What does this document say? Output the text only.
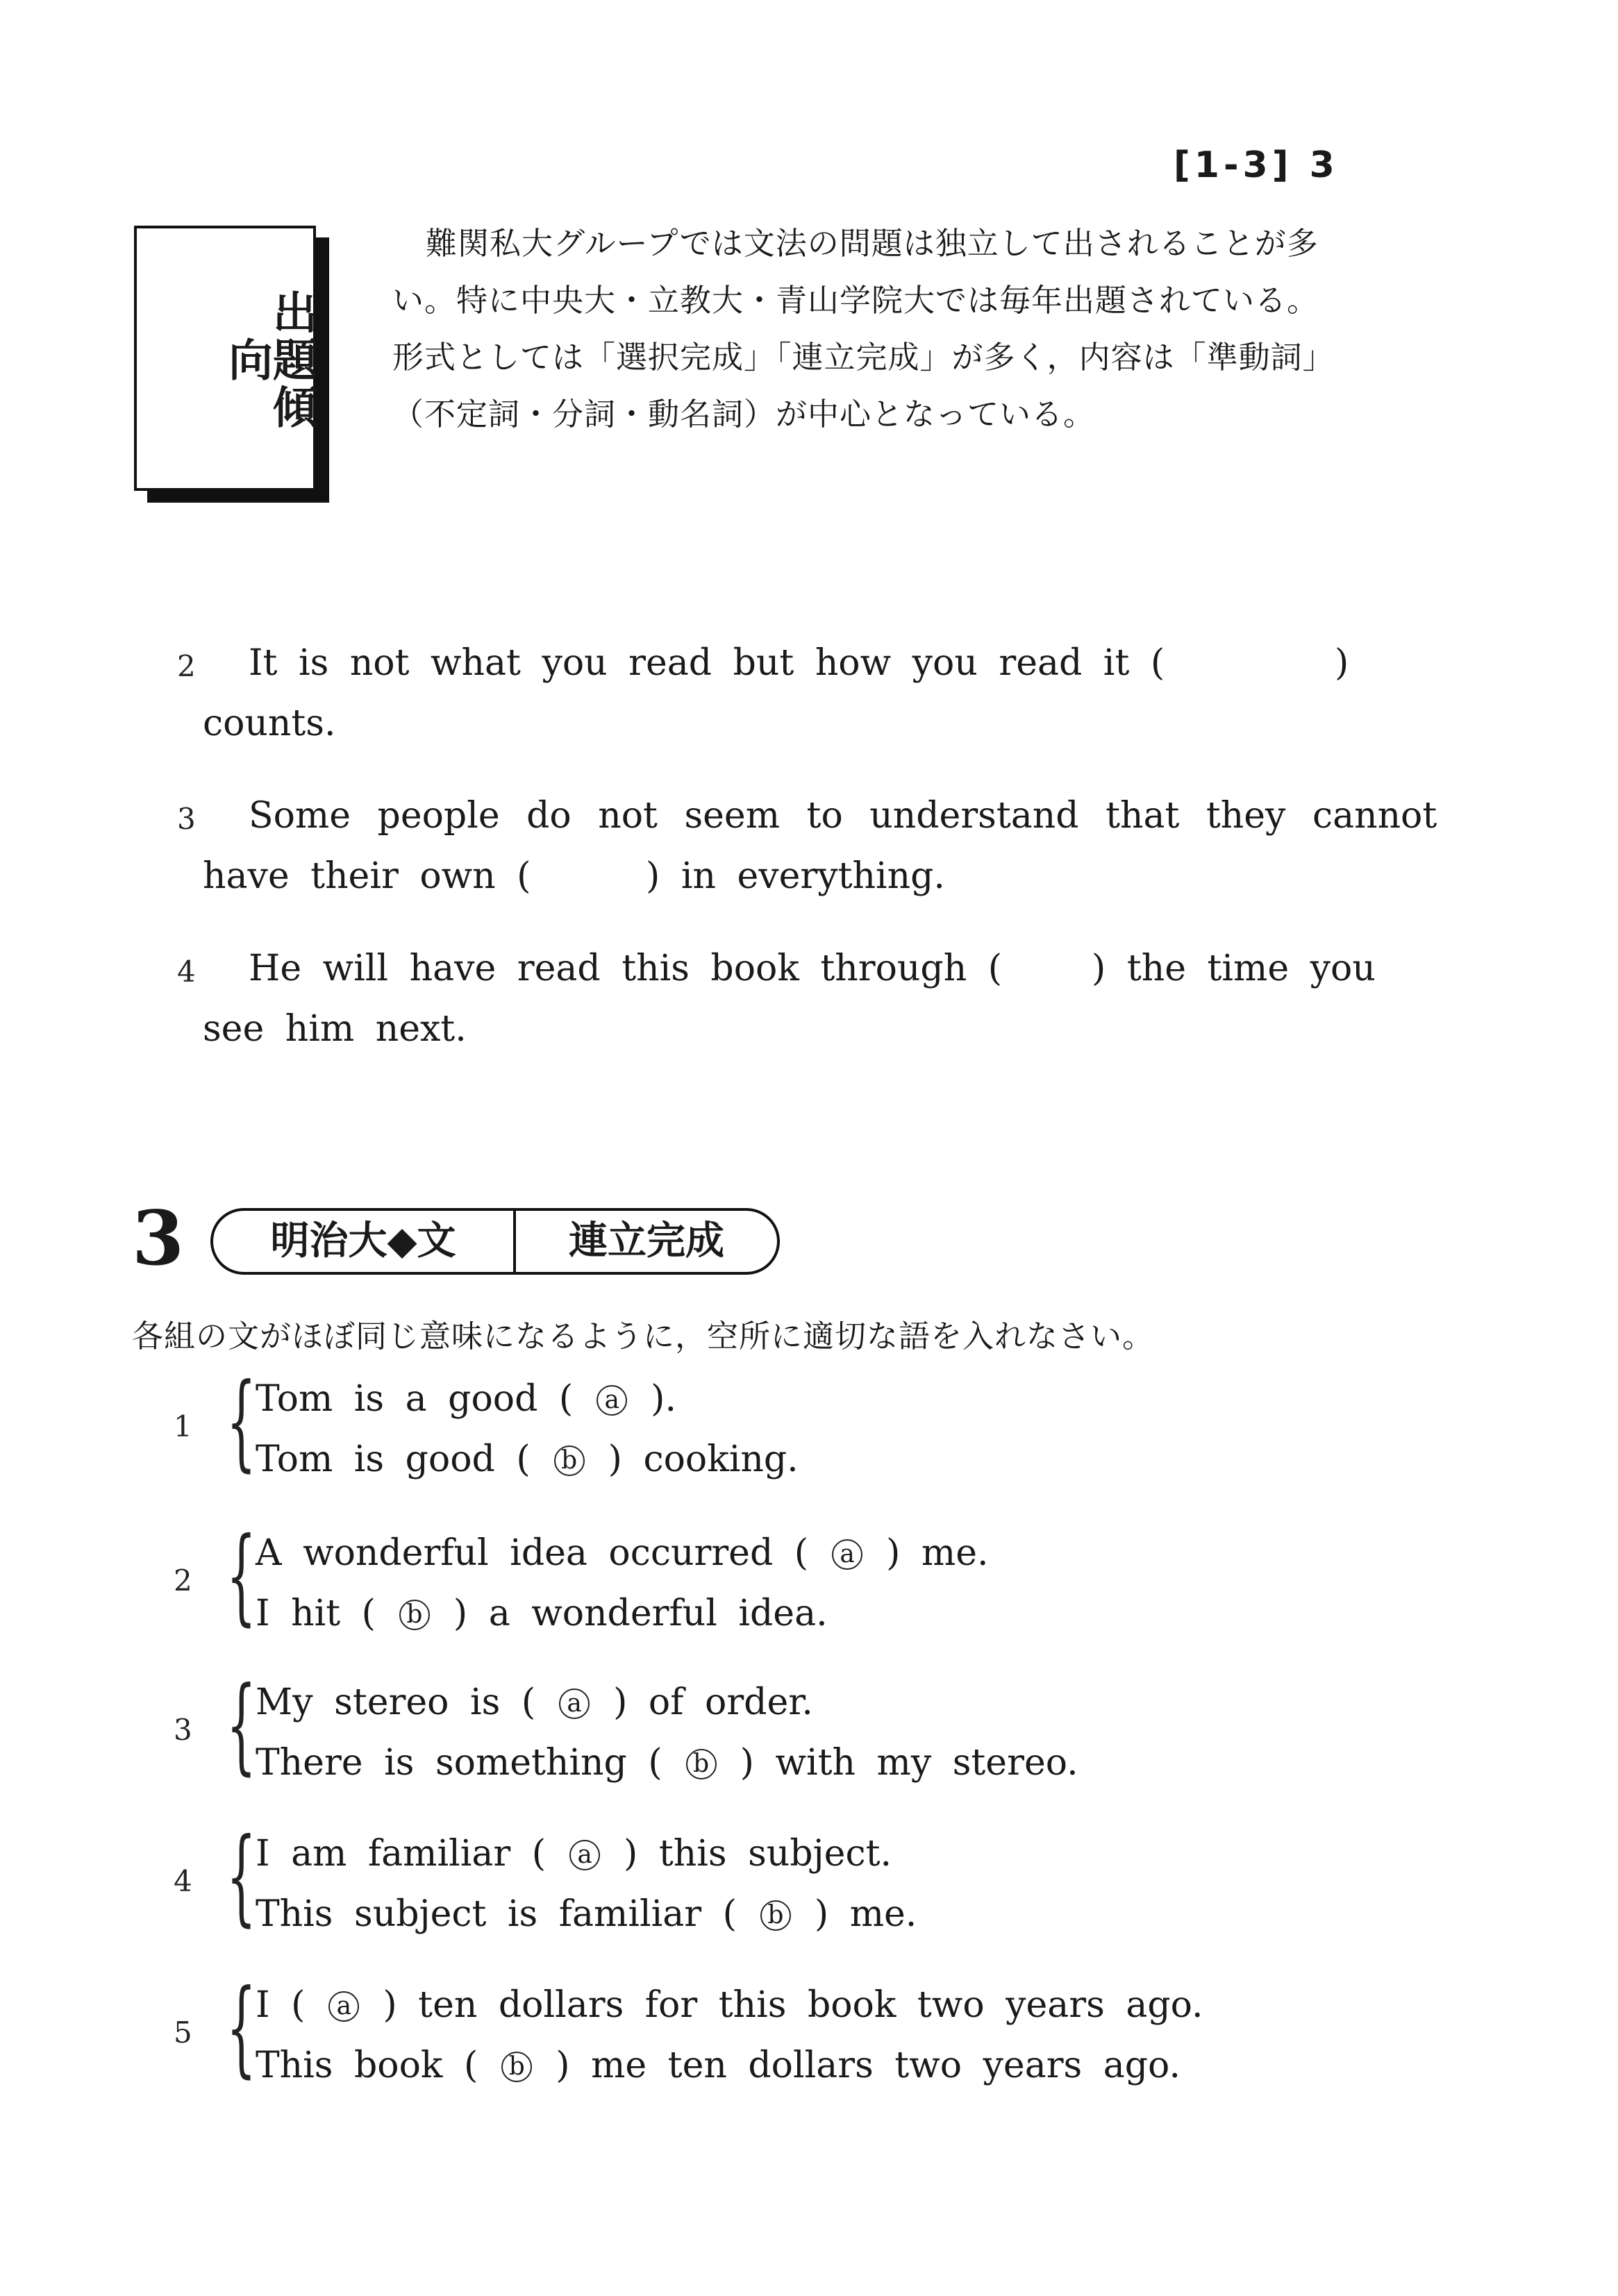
[1-3] 3
出題傾向
難関私大グループでは文法の問題は独立して出されることが多い。特に中央大・立教大・青山学院大では毎年出題されている。形式としては「選択完成」「連立完成」が多く，内容は「準動詞」（不定詞・分詞・動名詞）が中心となっている。
2 It is not what you read but how you read it (	)
counts.
3 Some people do not seem to understand that they cannot
have their own (	) in everything.
4 He will have read this book through ( ) the time you
see him next.
3	明治大◆文	連立完成
各組の文がほぼ同じ意味になるように，空所に適切な語を入れなさい。
1 { Tom is a good ( a ).
Tom is good ( b ) cooking.
2 { A wonderful idea occurred ( a ) me.
I hit ( b ) a wonderful idea.
3 { My stereo is ( a ) of order.
There is something ( b ) with my stereo.
4 { I am familiar ( a ) this subject.
This subject is familiar ( b ) me.
5 { I ( a ) ten dollars for this book two years ago.
This book ( b ) me ten dollars two years ago.
